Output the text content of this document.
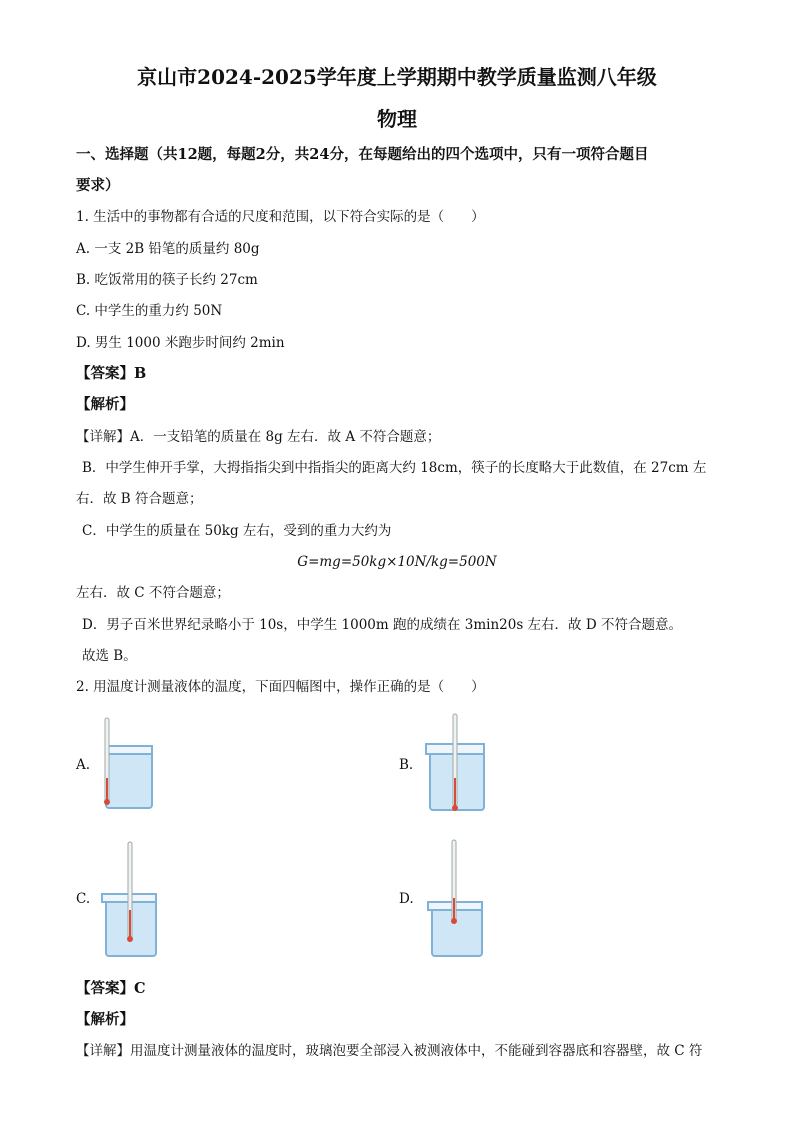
京山市2024-2025学年度上学期期中教学质量监测八年级
物理
一、选择题（共12题，每题2分，共24分，在每题给出的四个选项中，只有一项符合题目
要求）
1. 生活中的事物都有合适的尺度和范围，以下符合实际的是（　　）
A. 一支 2B 铅笔的质量约 80g
B. 吃饭常用的筷子长约 27cm
C. 中学生的重力约 50N
D. 男生 1000 米跑步时间约 2min
【答案】B
【解析】
【详解】A．一支铅笔的质量在 8g 左右．故 A 不符合题意；
B．中学生伸开手掌，大拇指指尖到中指指尖的距离大约 18cm，筷子的长度略大于此数值，在 27cm 左
右．故 B 符合题意；
C．中学生的质量在 50kg 左右，受到的重力大约为
G=mg=50kg×10N/kg=500N
左右．故 C 不符合题意；
D．男子百米世界纪录略小于 10s，中学生 1000m 跑的成绩在 3min20s 左右．故 D 不符合题意。
故选 B。
2. 用温度计测量液体的温度，下面四幅图中，操作正确的是（　　）
A.	B.
C.	D.
【答案】C
【解析】
【详解】用温度计测量液体的温度时，玻璃泡要全部浸入被测液体中，不能碰到容器底和容器壁，故 C 符
